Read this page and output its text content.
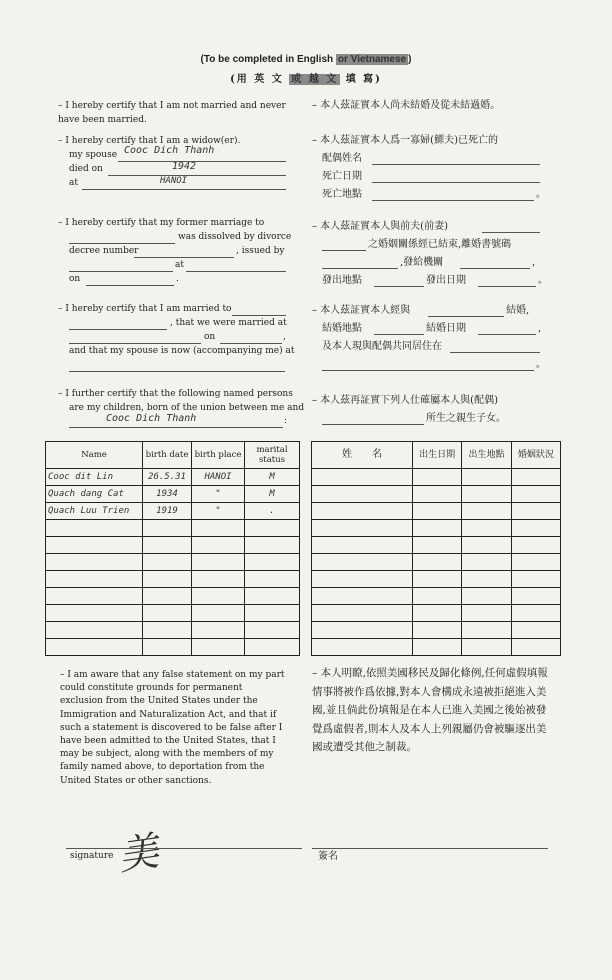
(To be completed in English or Vietnamese )
(用 英 文 或 越 文 填 寫)
– I hereby certify that I am not married and never have been married.
– 本人茲証實本人尚未結婚及從未結過婚。
– I hereby certify that I am a widow(er).
my spouse Cooc Dich Thanh
died on	1942
at	HANOI
– 本人茲証實本人爲一寡婦(鰥夫)已死亡的
配偶姓名
死亡日期
死亡地點	。
– I hereby certify that my former marriage to
was dissolved by divorce
decree number	, issued by
at
on	.
– 本人茲証實本人與前夫(前妻)
之婚姻關係經已結束,離婚書號碼
,發給機關	,
發出地點	發出日期	。
– I hereby certify that I am married to
, that we were married at
on	,
and that my spouse is now (accompanying me) at
– 本人茲証實本人經與	結婚,
結婚地點	結婚日期	,
及本人現與配偶共同居住在
。
– I further certify that the following named persons
are my children, born of the union between me and
Cooc Dich Thanh	:
– 本人茲再証實下列人仕確屬本人與(配偶)
所生之親生子女。
Name	birth date	birth place	marital status
Cooc dit Lin	26.5.31	HANOI	M
Quach dang Cat	1934	"	M
Quach Luu Trien	1919	"	.

姓　　名	出生日期	出生地點	婚姻狀況

– I am aware that any false statement on my part could constitute grounds for permanent exclusion from the United States under the Immigration and Naturalization Act, and that if such a statement is discovered to be false after I have been admitted to the United States, that I may be subject, along with the members of my family named above, to deportation from the United States or other sanctions.
– 本人明瞭,依照美國移民及歸化條例,任何虛假填報情事將被作爲依據,對本人會構成永遠被拒絕進入美國,並且倘此份填報是在本人已進入美國之後始被發覺爲虛假者,則本人及本人上列親屬仍會被驅逐出美國或遭受其他之制裁。
美
signature	簽名
